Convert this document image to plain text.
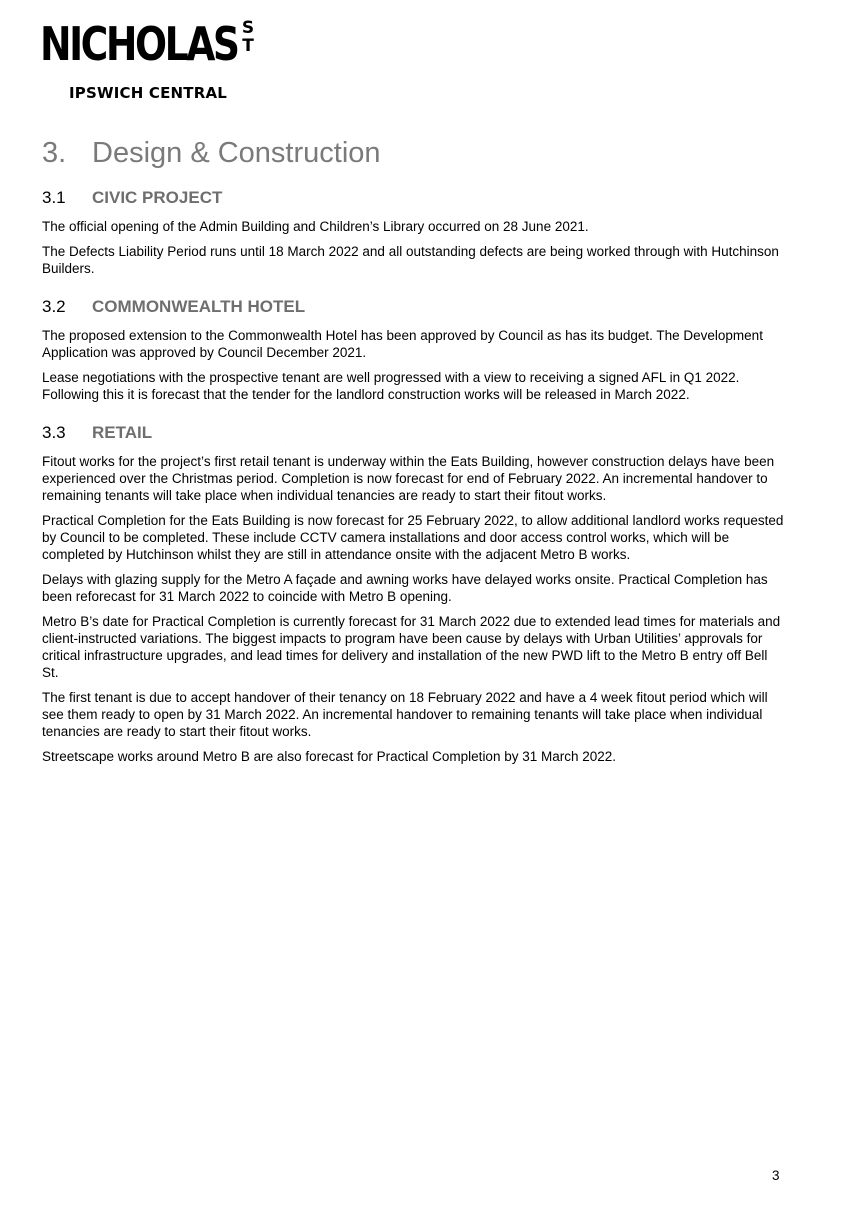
NICHOLAS S
T
IPSWICH CENTRAL
3. Design & Construction
3.1 CIVIC PROJECT

The official opening of the Admin Building and Children’s Library occurred on 28 June 2021.

The Defects Liability Period runs until 18 March 2022 and all outstanding defects are being worked through with Hutchinson Builders.

3.2 COMMONWEALTH HOTEL

The proposed extension to the Commonwealth Hotel has been approved by Council as has its budget. The Development Application was approved by Council December 2021.

Lease negotiations with the prospective tenant are well progressed with a view to receiving a signed AFL in Q1 2022. Following this it is forecast that the tender for the landlord construction works will be released in March 2022.

3.3 RETAIL

Fitout works for the project’s first retail tenant is underway within the Eats Building, however construction delays have been experienced over the Christmas period. Completion is now forecast for end of February 2022. An incremental handover to remaining tenants will take place when individual tenancies are ready to start their fitout works.

Practical Completion for the Eats Building is now forecast for 25 February 2022, to allow additional landlord works requested by Council to be completed. These include CCTV camera installations and door access control works, which will be completed by Hutchinson whilst they are still in attendance onsite with the adjacent Metro B works.

Delays with glazing supply for the Metro A façade and awning works have delayed works onsite. Practical Completion has been reforecast for 31 March 2022 to coincide with Metro B opening.

Metro B’s date for Practical Completion is currently forecast for 31 March 2022 due to extended lead times for materials and client-instructed variations. The biggest impacts to program have been cause by delays with Urban Utilities’ approvals for critical infrastructure upgrades, and lead times for delivery and installation of the new PWD lift to the Metro B entry off Bell St.

The first tenant is due to accept handover of their tenancy on 18 February 2022 and have a 4 week fitout period which will see them ready to open by 31 March 2022. An incremental handover to remaining tenants will take place when individual tenancies are ready to start their fitout works.

Streetscape works around Metro B are also forecast for Practical Completion by 31 March 2022.

3
